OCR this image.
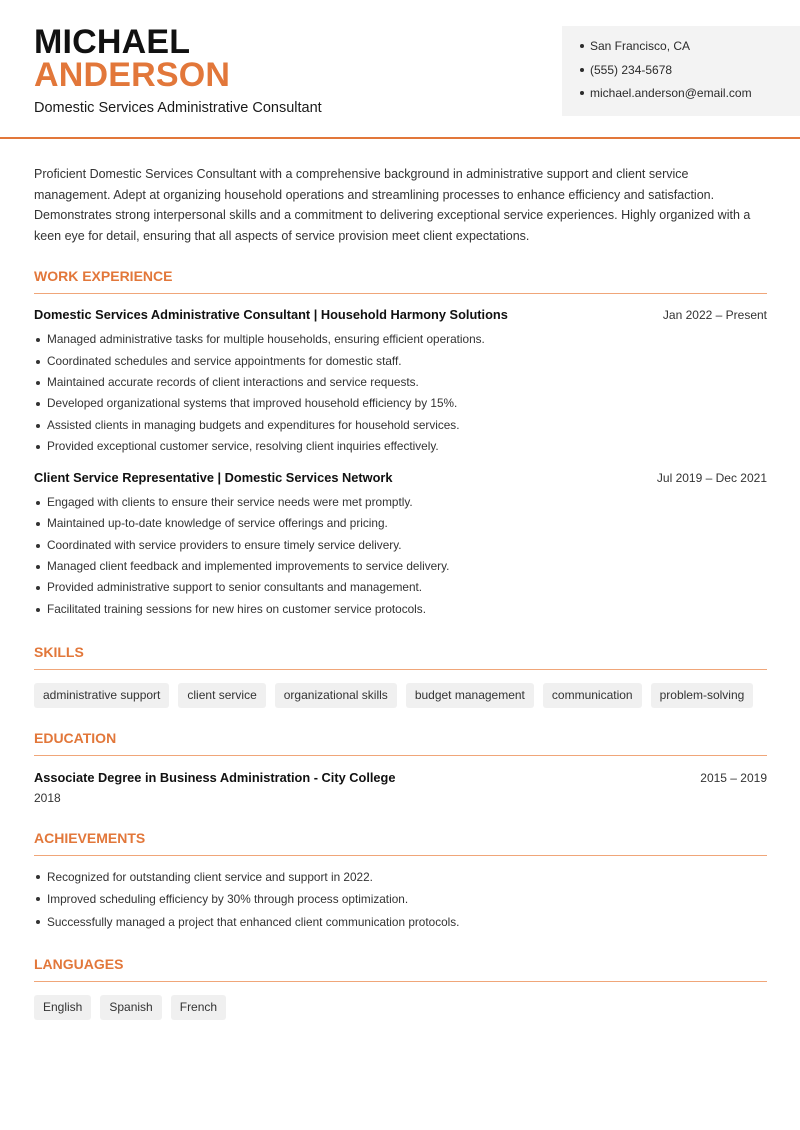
MICHAEL
ANDERSON
Domestic Services Administrative Consultant
San Francisco, CA
(555) 234-5678
michael.anderson@email.com

Proficient Domestic Services Consultant with a comprehensive background in administrative support and client service management. Adept at organizing household operations and streamlining processes to enhance efficiency and satisfaction. Demonstrates strong interpersonal skills and a commitment to delivering exceptional service experiences. Highly organized with a keen eye for detail, ensuring that all aspects of service provision meet client expectations.

WORK EXPERIENCE
Domestic Services Administrative Consultant | Household Harmony Solutions	Jan 2022 – Present
Managed administrative tasks for multiple households, ensuring efficient operations.
Coordinated schedules and service appointments for domestic staff.
Maintained accurate records of client interactions and service requests.
Developed organizational systems that improved household efficiency by 15%.
Assisted clients in managing budgets and expenditures for household services.
Provided exceptional customer service, resolving client inquiries effectively.
Client Service Representative | Domestic Services Network	Jul 2019 – Dec 2021
Engaged with clients to ensure their service needs were met promptly.
Maintained up-to-date knowledge of service offerings and pricing.
Coordinated with service providers to ensure timely service delivery.
Managed client feedback and implemented improvements to service delivery.
Provided administrative support to senior consultants and management.
Facilitated training sessions for new hires on customer service protocols.
SKILLS
administrative support	client service	organizational skills	budget management	communication	problem-solving
EDUCATION
Associate Degree in Business Administration - City College	2015 – 2019
2018
ACHIEVEMENTS
Recognized for outstanding client service and support in 2022.
Improved scheduling efficiency by 30% through process optimization.
Successfully managed a project that enhanced client communication protocols.
LANGUAGES
English	Spanish	French
